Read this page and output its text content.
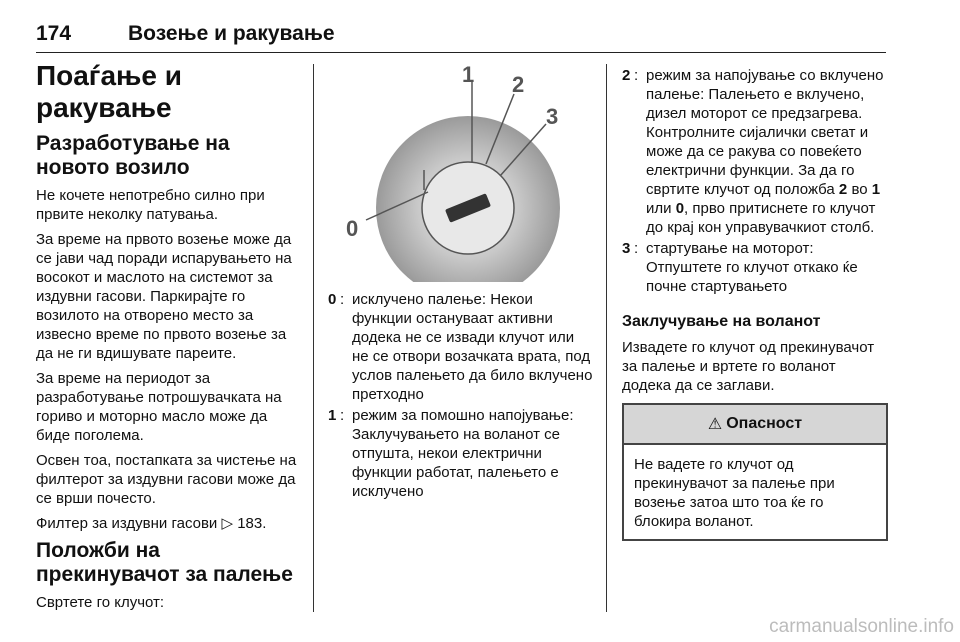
174	Возење и ракување
Поаѓање и ракување
Разработување на новото возило

Не кочете непотребно силно при првите неколку патувања.

За време на првото возење може да се јави чад поради испарувањето на восокот и маслото на системот за издувни гасови. Паркирајте го возилото на отворено место за извесно време по првото возење за да не ги вдишувате пареите.

За време на периодот за разработување потрошувачката на гориво и моторно масло може да биде поголема.

Освен тоа, постапката за чистење на филтерот за издувни гасови може да се врши почесто.

Филтер за издувни гасови ▷ 183.

Положби на прекинувачот за палење

Свртете го клучот:

1 2
3
0
0 : исклучено палење: Некои функции остануваат активни додека не се извади клучот или не се отвори возачката врата, под услов палењето да било вклучено претходно
1 : режим за помошно напојување: Заклучувањето на воланот се отпушта, некои електрични функции работат, палењето е исклучено
2 : режим за напојување со вклучено палење: Палењето е вклучено, дизел моторот се предзагрева. Контролните сијалички светат и може да се ракува со повеќето електрични функции. За да го свртите клучот од положба 2 во 1 или 0, прво притиснете го клучот до крај кон управувачкиот столб.
3 : стартување на моторот: Отпуштете го клучот откако ќе почне стартувањето
Заклучување на воланот

Извадете го клучот од прекинувачот за палење и вртете го воланот додека да се заглави.

⚠ Опасност

Не вадете го клучот од прекинувачот за палење при возење затоа што тоа ќе го блокира воланот.

carmanualsonline.info
